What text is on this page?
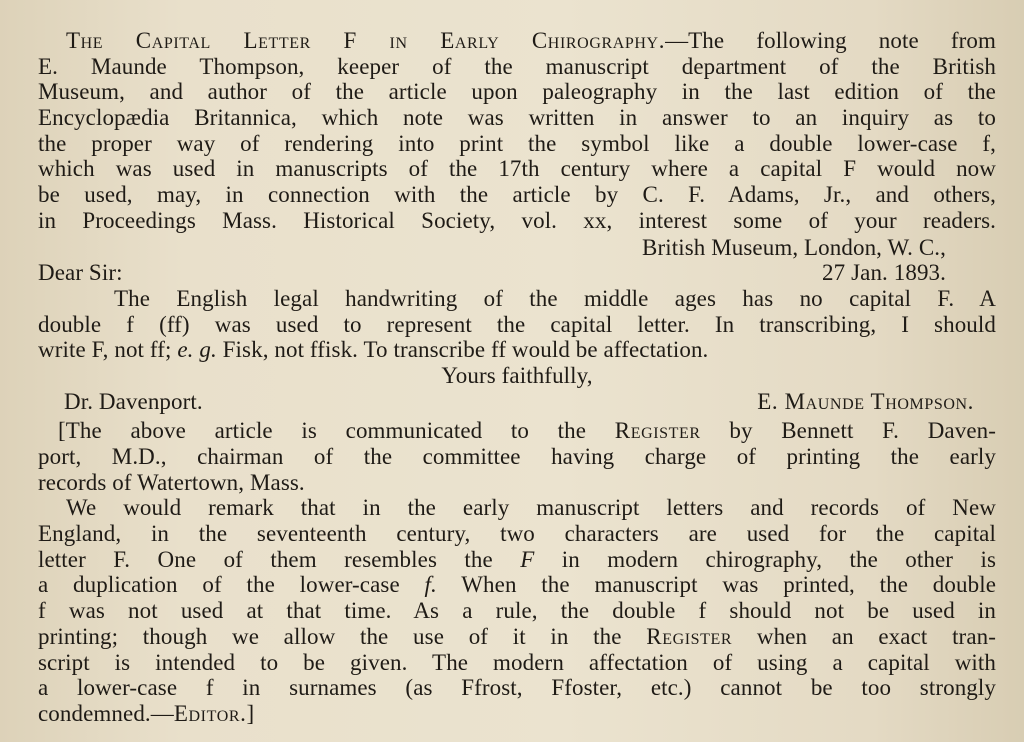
The Capital Letter F in Early Chirography.—The following note from
E. Maunde Thompson, keeper of the manuscript department of the British
Museum, and author of the article upon paleography in the last edition of the
Encyclopædia Britannica, which note was written in answer to an inquiry as to
the proper way of rendering into print the symbol like a double lower-case f,
which was used in manuscripts of the 17th century where a capital F would now
be used, may, in connection with the article by C. F. Adams, Jr., and others,
in Proceedings Mass. Historical Society, vol. xx, interest some of your readers.
British Museum, London, W. C.,
Dear Sir:	27 Jan. 1893.
The English legal handwriting of the middle ages has no capital F. A
double f (ff) was used to represent the capital letter. In transcribing, I should
write F, not ff; e. g. Fisk, not ffisk. To transcribe ff would be affectation.
Yours faithfully,
Dr. Davenport.	E. Maunde Thompson.
[The above article is communicated to the Register by Bennett F. Daven-
port, M.D., chairman of the committee having charge of printing the early
records of Watertown, Mass.
We would remark that in the early manuscript letters and records of New
England, in the seventeenth century, two characters are used for the capital
letter F. One of them resembles the F in modern chirography, the other is
a duplication of the lower-case f. When the manuscript was printed, the double
f was not used at that time. As a rule, the double f should not be used in
printing; though we allow the use of it in the Register when an exact tran-
script is intended to be given. The modern affectation of using a capital with
a lower-case f in surnames (as Ffrost, Ffoster, etc.) cannot be too strongly
condemned.—Editor.]
